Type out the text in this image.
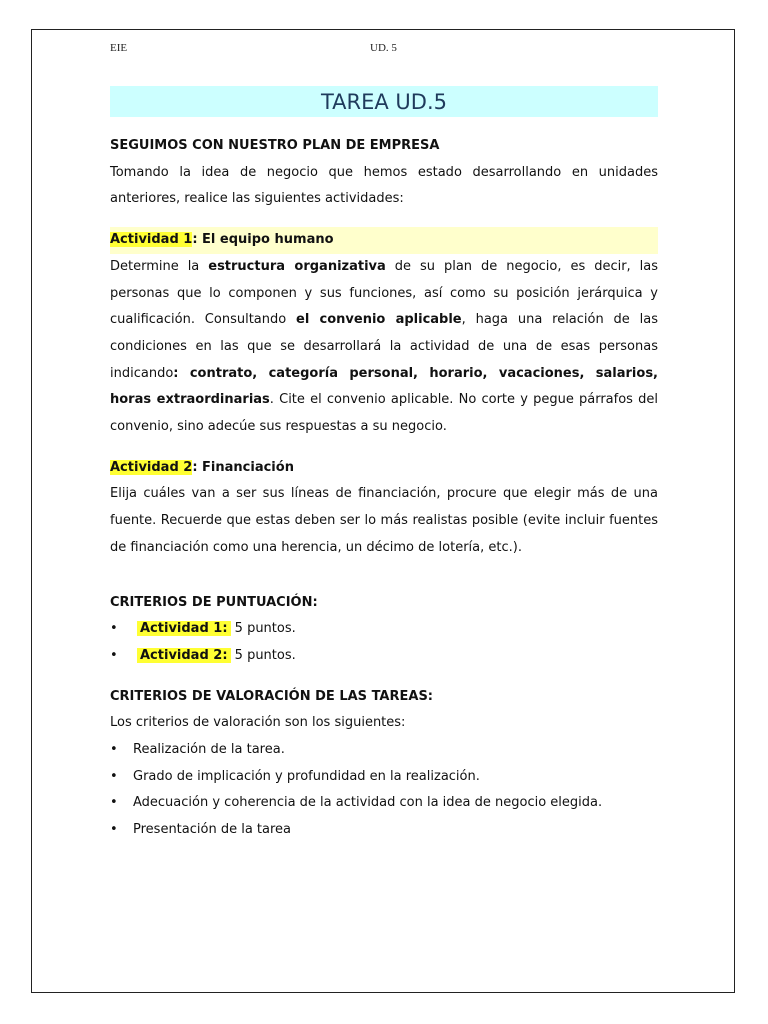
EIE	UD. 5
TAREA UD.5

SEGUIMOS CON NUESTRO PLAN DE EMPRESA

Tomando la idea de negocio que hemos estado desarrollando en unidades anteriores, realice las siguientes actividades:

Actividad 1: El equipo humano

Determine la estructura organizativa de su plan de negocio, es decir, las personas que lo componen y sus funciones, así como su posición jerárquica y cualificación. Consultando el convenio aplicable, haga una relación de las condiciones en las que se desarrollará la actividad de una de esas personas indicando: contrato, categoría personal, horario, vacaciones, salarios, horas extraordinarias. Cite el convenio aplicable. No corte y pegue párrafos del convenio, sino adecúe sus respuestas a su negocio.

Actividad 2: Financiación

Elija cuáles van a ser sus líneas de financiación, procure que elegir más de una fuente. Recuerde que estas deben ser lo más realistas posible (evite incluir fuentes de financiación como una herencia, un décimo de lotería, etc.).

CRITERIOS DE PUNTUACIÓN:

• Actividad 1: 5 puntos.

• Actividad 2: 5 puntos.

CRITERIOS DE VALORACIÓN DE LAS TAREAS:

Los criterios de valoración son los siguientes:

• Realización de la tarea.

• Grado de implicación y profundidad en la realización.

• Adecuación y coherencia de la actividad con la idea de negocio elegida.

• Presentación de la tarea
